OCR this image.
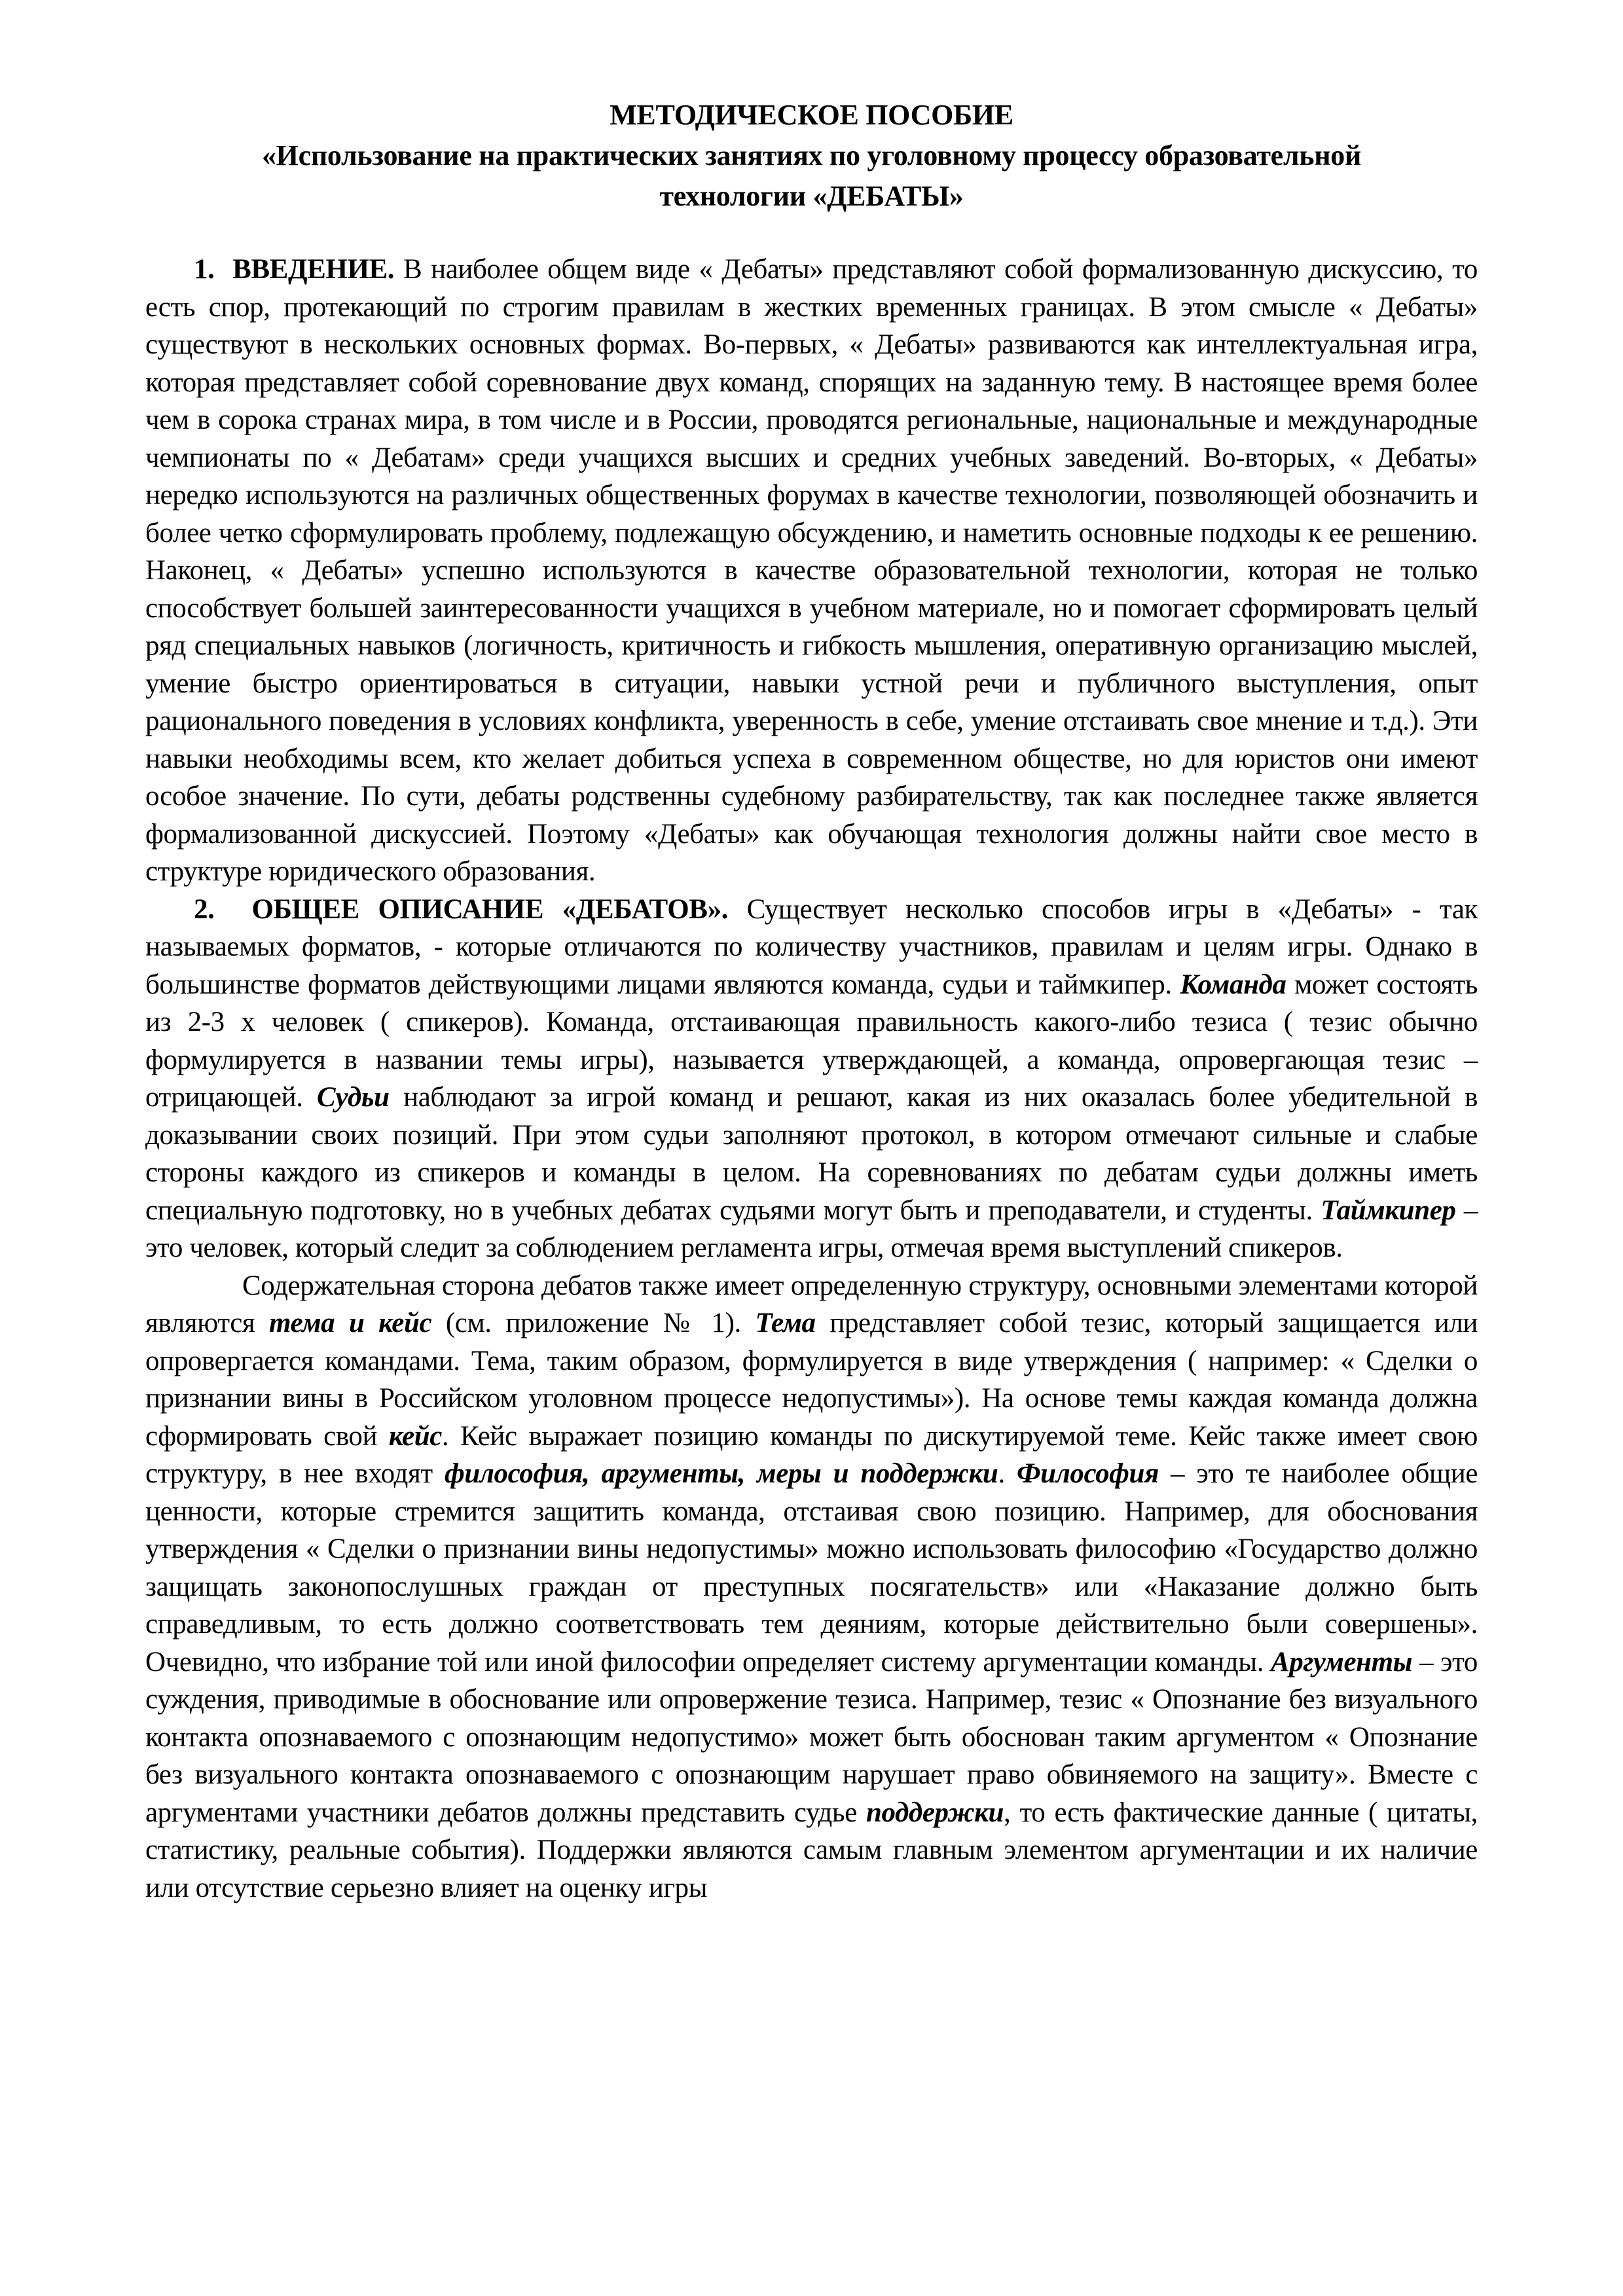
МЕТОДИЧЕСКОЕ ПОСОБИЕ
«Использование на практических занятиях по уголовному процессу образовательной
технологии «ДЕБАТЫ»

1.  ВВЕДЕНИЕ. В наиболее общем виде « Дебаты» представляют собой формализованную дискуссию, то есть спор, протекающий по строгим правилам в жестких временных границах. В этом смысле « Дебаты» существуют в нескольких основных формах. Во-первых, « Дебаты» развиваются как интеллектуальная игра, которая представляет собой соревнование двух команд, спорящих на заданную тему. В настоящее время более чем в сорока странах мира, в том числе и в России, проводятся региональные, национальные и международные чемпионаты по « Дебатам» среди учащихся высших и средних учебных заведений. Во-вторых, « Дебаты» нередко используются на различных общественных форумах в качестве технологии, позволяющей обозначить и более четко сформулировать проблему, подлежащую обсуждению, и наметить основные подходы к ее решению. Наконец, « Дебаты» успешно используются в качестве образовательной технологии, которая не только способствует большей заинтересованности учащихся в учебном материале, но и помогает сформировать целый ряд специальных навыков (логичность, критичность и гибкость мышления, оперативную организацию мыслей, умение быстро ориентироваться в ситуации, навыки устной речи и публичного выступления, опыт рационального поведения в условиях конфликта, уверенность в себе, умение отстаивать свое мнение и т.д.). Эти навыки необходимы всем, кто желает добиться успеха в современном обществе, но для юристов они имеют особое значение. По сути, дебаты родственны судебному разбирательству, так как последнее также является формализованной дискуссией. Поэтому «Дебаты» как обучающая технология должны найти свое место в структуре юридического образования.

2.  ОБЩЕЕ ОПИСАНИЕ «ДЕБАТОВ». Существует несколько способов игры в «Дебаты» - так называемых форматов, - которые отличаются по количеству участников, правилам и целям игры. Однако в большинстве форматов действующими лицами являются команда, судьи и таймкипер. Команда может состоять из 2-3 х человек ( спикеров). Команда, отстаивающая правильность какого-либо тезиса ( тезис обычно формулируется в названии темы игры), называется утверждающей, а команда, опровергающая тезис – отрицающей. Судьи наблюдают за игрой команд и решают, какая из них оказалась более убедительной в доказывании своих позиций. При этом судьи заполняют протокол, в котором отмечают сильные и слабые стороны каждого из спикеров и команды в целом. На соревнованиях по дебатам судьи должны иметь специальную подготовку, но в учебных дебатах судьями могут быть и преподаватели, и студенты. Таймкипер – это человек, который следит за соблюдением регламента игры, отмечая время выступлений спикеров.

Содержательная сторона дебатов также имеет определенную структуру, основными элементами которой являются тема и кейс (см. приложение № 1). Тема представляет собой тезис, который защищается или опровергается командами. Тема, таким образом, формулируется в виде утверждения ( например: « Сделки о признании вины в Российском уголовном процессе недопустимы»). На основе темы каждая команда должна сформировать свой кейс. Кейс выражает позицию команды по дискутируемой теме. Кейс также имеет свою структуру, в нее входят философия, аргументы, меры и поддержки. Философия – это те наиболее общие ценности, которые стремится защитить команда, отстаивая свою позицию. Например, для обоснования утверждения « Сделки о признании вины недопустимы» можно использовать философию «Государство должно защищать законопослушных граждан от преступных посягательств» или «Наказание должно быть справедливым, то есть должно соответствовать тем деяниям, которые действительно были совершены». Очевидно, что избрание той или иной философии определяет систему аргументации команды. Аргументы – это суждения, приводимые в обоснование или опровержение тезиса. Например, тезис « Опознание без визуального контакта опознаваемого с опознающим недопустимо» может быть обоснован таким аргументом « Опознание без визуального контакта опознаваемого с опознающим нарушает право обвиняемого на защиту». Вместе с аргументами участники дебатов должны представить судье поддержки, то есть фактические данные ( цитаты, статистику, реальные события). Поддержки являются самым главным элементом аргументации и их наличие или отсутствие серьезно влияет на оценку игры
